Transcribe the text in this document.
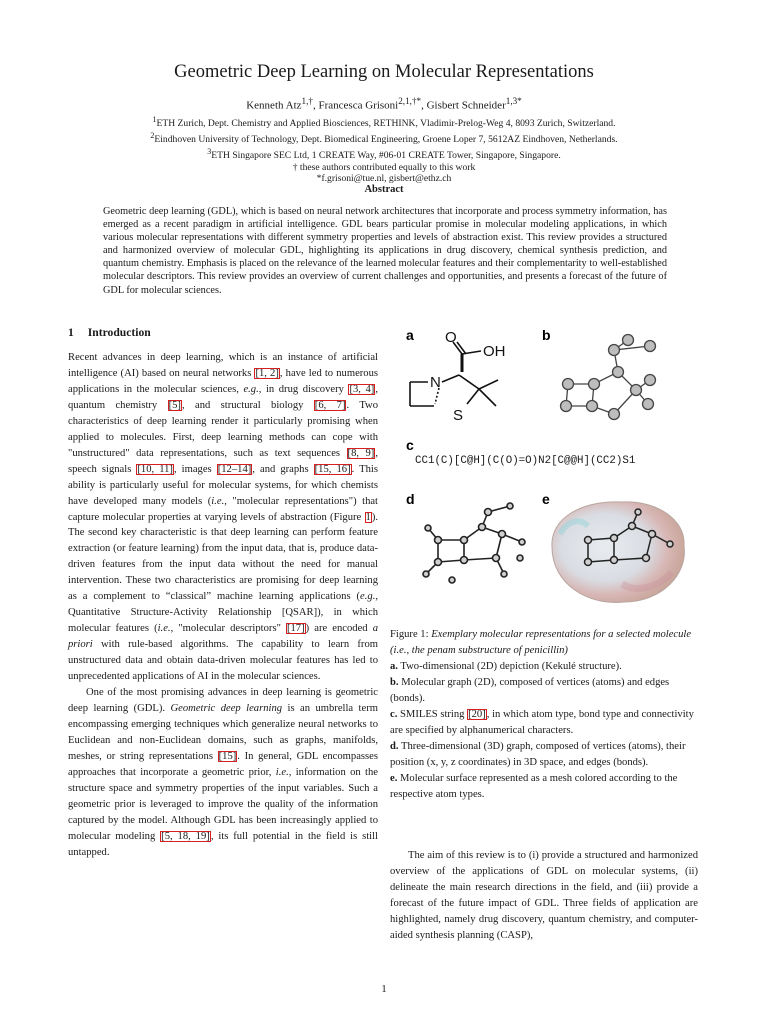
Geometric Deep Learning on Molecular Representations
Kenneth Atz$^{1,\dagger}$, Francesca Grisoni$^{2,1,\dagger*}$, Gisbert Schneider$^{1,3*}$
$^1$ETH Zurich, Dept. Chemistry and Applied Biosciences, RETHINK, Vladimir-Prelog-Weg 4, 8093 Zurich, Switzerland.
$^2$Eindhoven University of Technology, Dept. Biomedical Engineering, Groene Loper 7, 5612AZ Eindhoven, Netherlands.
$^3$ETH Singapore SEC Ltd, 1 CREATE Way, #06-01 CREATE Tower, Singapore, Singapore.
† these authors contributed equally to this work
*f.grisoni@tue.nl, gisbert@ethz.ch
Abstract

Geometric deep learning (GDL), which is based on neural network architectures that incorporate and process symmetry information, has emerged as a recent paradigm in artificial intelligence. GDL bears particular promise in molecular modeling applications, in which various molecular representations with different symmetry properties and levels of abstraction exist. This review provides a structured and harmonized overview of molecular GDL, highlighting its applications in drug discovery, chemical synthesis prediction, and quantum chemistry. Emphasis is placed on the relevance of the learned molecular features and their complementarity to well-established molecular descriptors. This review provides an overview of current challenges and opportunities, and presents a forecast of the future of GDL for molecular sciences.

1 Introduction

Recent advances in deep learning, which is an instance of artificial intelligence (AI) based on neural networks [1, 2], have led to numerous applications in the molecular sciences, e.g., in drug discovery [3, 4], quantum chemistry [5], and structural biology [6, 7]. Two characteristics of deep learning render it particularly promising when applied to molecules. First, deep learning methods can cope with "unstructured" data representations, such as text sequences [8, 9], speech signals [10, 11], images [12–14], and graphs [15, 16]. This ability is particularly useful for molecular systems, for which chemists have developed many models (i.e., "molecular representations") that capture molecular properties at varying levels of abstraction (Figure 1). The second key characteristic is that deep learning can perform feature extraction (or feature learning) from the input data, that is, produce data-driven features from the input data without the need for manual intervention. These two characteristics are promising for deep learning as a complement to “classical” machine learning applications (e.g., Quantitative Structure-Activity Relationship [QSAR]), in which molecular features (i.e., "molecular descriptors" [17]) are encoded a priori with rule-based algorithms. The capability to learn from unstructured data and obtain data-driven molecular features has led to unprecedented applications of AI in the molecular sciences.

One of the most promising advances in deep learning is geometric deep learning (GDL). Geometric deep learning is an umbrella term encompassing emerging techniques which generalize neural networks to Euclidean and non-Euclidean domains, such as graphs, manifolds, meshes, or string representations [15]. In general, GDL encompasses approaches that incorporate a geometric prior, i.e., information on the structure space and symmetry properties of the input variables. Such a geometric prior is leveraged to improve the quality of the information captured by the model. Although GDL has been increasingly applied to molecular modeling [5, 18, 19], its full potential in the field is still untapped.

a	b
c
d	e
N
O
OH
S
CC1(C)[C@H](C(O)=O)N2[C@@H](CC2)S1

Figure 1: Exemplary molecular representations for a selected molecule (i.e., the penam substructure of penicillin)

a. Two-dimensional (2D) depiction (Kekulé structure).

b. Molecular graph (2D), composed of vertices (atoms) and edges (bonds).

c. SMILES string [20], in which atom type, bond type and connectivity are specified by alphanumerical characters.

d. Three-dimensional (3D) graph, composed of vertices (atoms), their position (x, y, z coordinates) in 3D space, and edges (bonds).

e. Molecular surface represented as a mesh colored according to the respective atom types.

The aim of this review is to (i) provide a structured and harmonized overview of the applications of GDL on molecular systems, (ii) delineate the main research directions in the field, and (iii) provide a forecast of the future impact of GDL. Three fields of application are highlighted, namely drug discovery, quantum chemistry, and computer-aided synthesis planning (CASP),

1
